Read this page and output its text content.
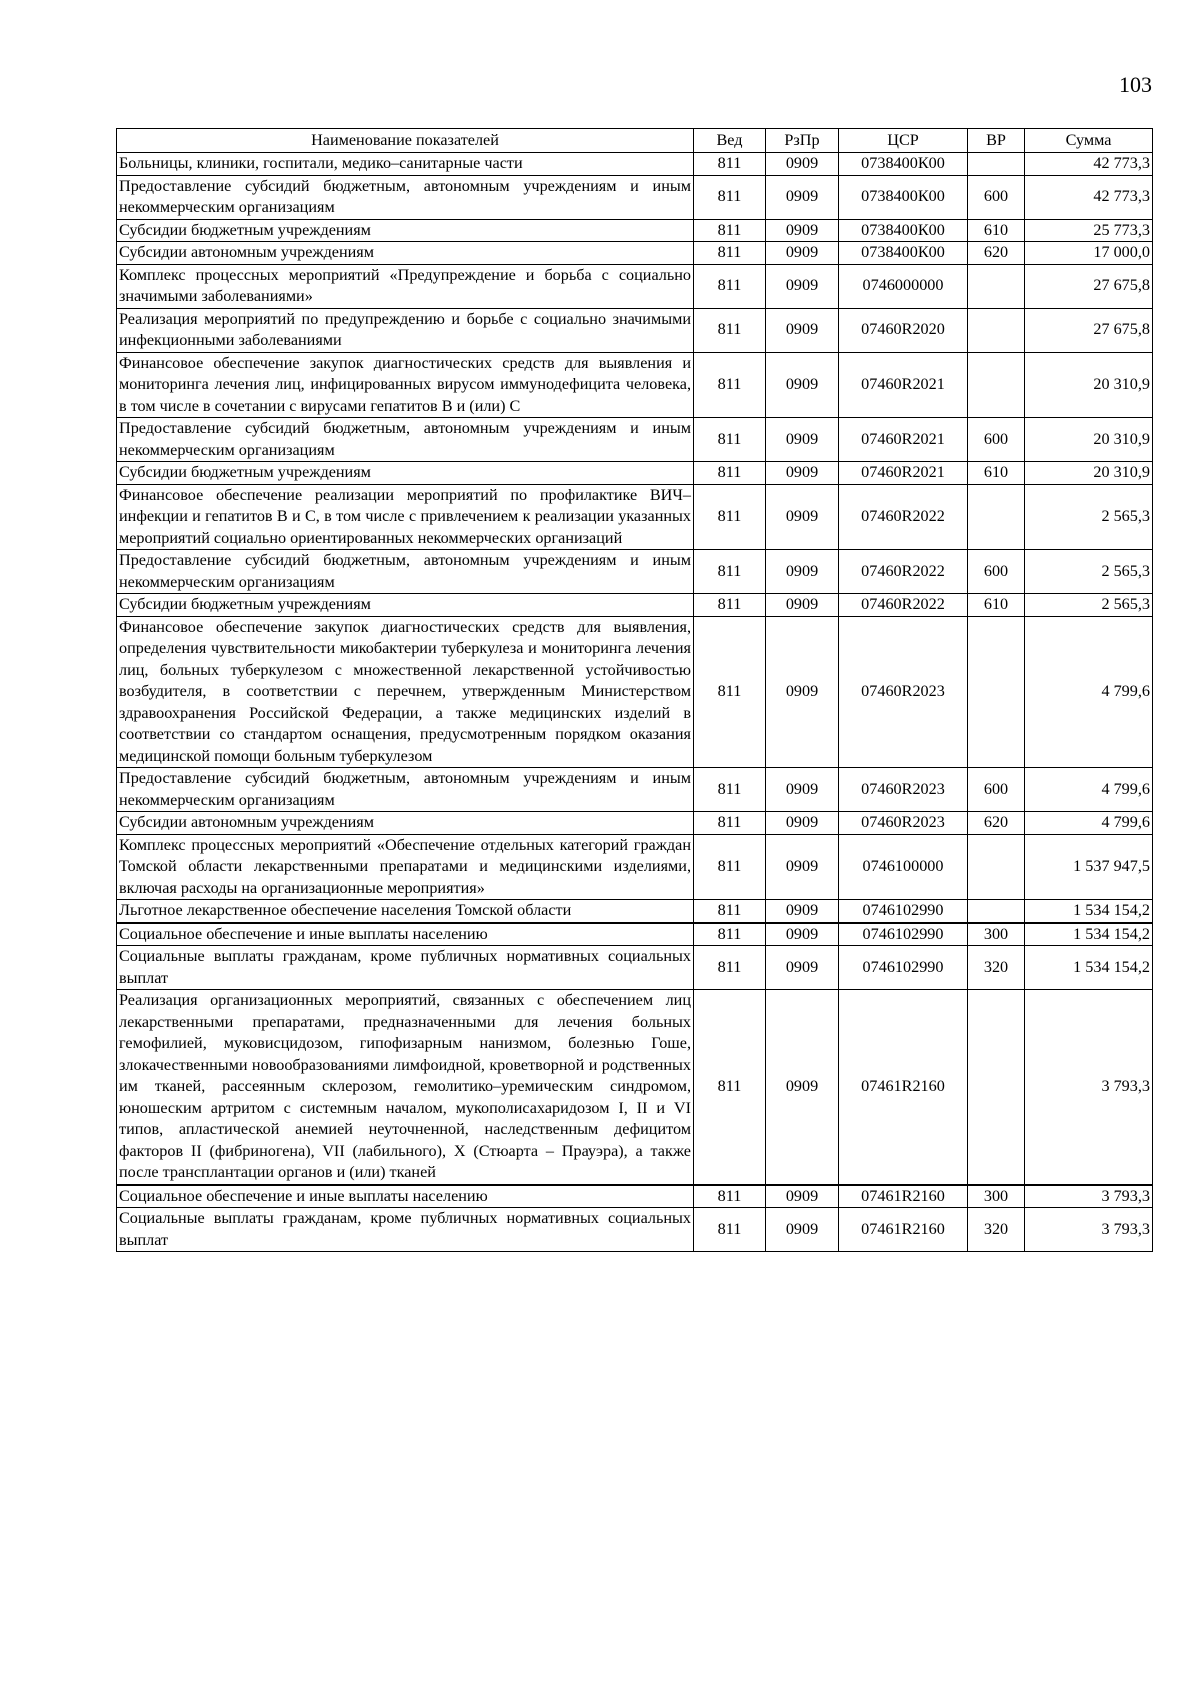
103
Наименование показателей	Вед	РзПр	ЦСР	ВР	Сумма
Больницы, клиники, госпитали, медико–санитарные части	811	0909	0738400К00		42 773,3
Предоставление субсидий бюджетным, автономным учреждениям и иным некоммерческим организациям	811	0909	0738400К00	600	42 773,3
Субсидии бюджетным учреждениям	811	0909	0738400К00	610	25 773,3
Субсидии автономным учреждениям	811	0909	0738400К00	620	17 000,0
Комплекс процессных мероприятий «Предупреждение и борьба с социально значимыми заболеваниями»	811	0909	0746000000		27 675,8
Реализация мероприятий по предупреждению и борьбе с социально значимыми инфекционными заболеваниями	811	0909	07460R2020		27 675,8
Финансовое обеспечение закупок диагностических средств для выявления и мониторинга лечения лиц, инфицированных вирусом иммунодефицита человека, в том числе в сочетании с вирусами гепатитов B и (или) C	811	0909	07460R2021		20 310,9
Предоставление субсидий бюджетным, автономным учреждениям и иным некоммерческим организациям	811	0909	07460R2021	600	20 310,9
Субсидии бюджетным учреждениям	811	0909	07460R2021	610	20 310,9
Финансовое обеспечение реализации мероприятий по профилактике ВИЧ–инфекции и гепатитов B и C, в том числе с привлечением к реализации указанных мероприятий социально ориентированных некоммерческих организаций	811	0909	07460R2022		2 565,3
Предоставление субсидий бюджетным, автономным учреждениям и иным некоммерческим организациям	811	0909	07460R2022	600	2 565,3
Субсидии бюджетным учреждениям	811	0909	07460R2022	610	2 565,3
Финансовое обеспечение закупок диагностических средств для выявления, определения чувствительности микобактерии туберкулеза и мониторинга лечения лиц, больных туберкулезом с множественной лекарственной устойчивостью возбудителя, в соответствии с перечнем, утвержденным Министерством здравоохранения Российской Федерации, а также медицинских изделий в соответствии со стандартом оснащения, предусмотренным порядком оказания медицинской помощи больным туберкулезом	811	0909	07460R2023		4 799,6
Предоставление субсидий бюджетным, автономным учреждениям и иным некоммерческим организациям	811	0909	07460R2023	600	4 799,6
Субсидии автономным учреждениям	811	0909	07460R2023	620	4 799,6
Комплекс процессных мероприятий «Обеспечение отдельных категорий граждан Томской области лекарственными препаратами и медицинскими изделиями, включая расходы на организационные мероприятия»	811	0909	0746100000		1 537 947,5
Льготное лекарственное обеспечение населения Томской области	811	0909	0746102990		1 534 154,2
Социальное обеспечение и иные выплаты населению	811	0909	0746102990	300	1 534 154,2
Социальные выплаты гражданам, кроме публичных нормативных социальных выплат	811	0909	0746102990	320	1 534 154,2
Реализация организационных мероприятий, связанных с обеспечением лиц лекарственными препаратами, предназначенными для лечения больных гемофилией, муковисцидозом, гипофизарным нанизмом, болезнью Гоше, злокачественными новообразованиями лимфоидной, кроветворной и родственных им тканей, рассеянным склерозом, гемолитико–уремическим синдромом, юношеским артритом с системным началом, мукополисахаридозом I, II и VI типов, апластической анемией неуточненной, наследственным дефицитом факторов II (фибриногена), VII (лабильного), X (Стюарта – Прауэра), а также после трансплантации органов и (или) тканей	811	0909	07461R2160		3 793,3
Социальное обеспечение и иные выплаты населению	811	0909	07461R2160	300	3 793,3
Социальные выплаты гражданам, кроме публичных нормативных социальных выплат	811	0909	07461R2160	320	3 793,3
